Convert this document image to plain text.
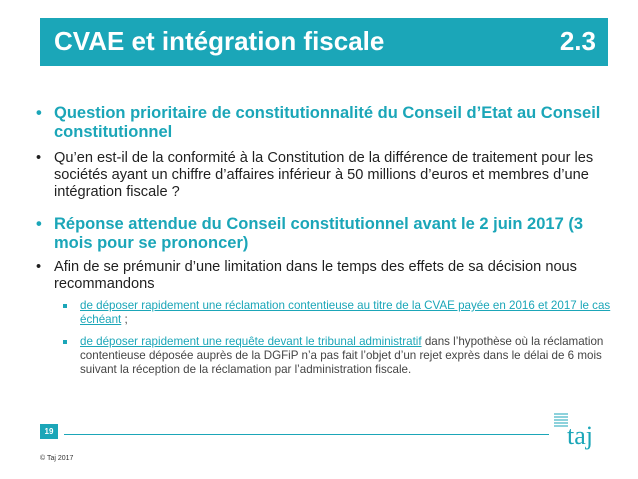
CVAE et intégration fiscale	2.3
• Question prioritaire de constitutionnalité du Conseil d’Etat au Conseil constitutionnel
• Qu’en est-il de la conformité à la Constitution de la différence de traitement pour les sociétés ayant un chiffre d’affaires inférieur à 50 millions d’euros et membres d’une intégration fiscale ?
• Réponse attendue du Conseil constitutionnel avant le 2 juin 2017 (3 mois pour se prononcer)
• Afin de se prémunir d’une limitation dans le temps des effets de sa décision nous recommandons
de déposer rapidement une réclamation contentieuse au titre de la CVAE payée en 2016 et 2017 le cas échéant ;
de déposer rapidement une requête devant le tribunal administratif dans l’hypothèse où la réclamation contentieuse déposée auprès de la DGFiP n’a pas fait l’objet d’un rejet exprès dans le délai de 6 mois suivant la réception de la réclamation par l’administration fiscale.
19
© Taj 2017
taj
